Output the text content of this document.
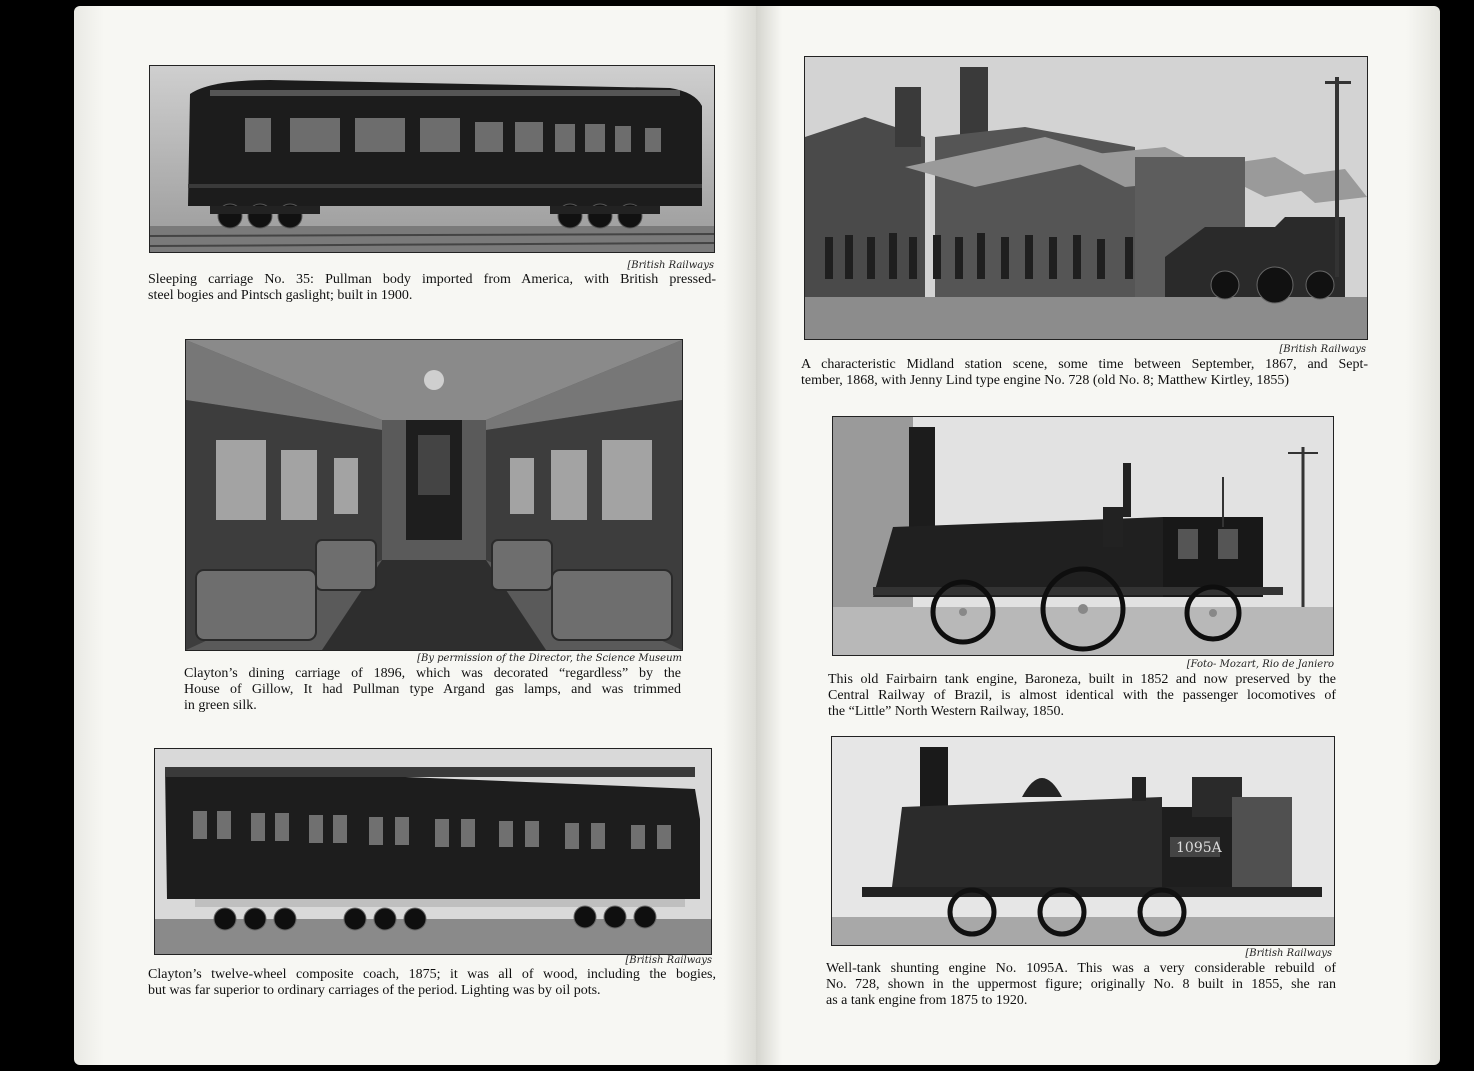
[British Railways

Sleeping carriage No. 35: Pullman body imported from America, with British pressed-
steel bogies and Pintsch gaslight; built in 1900.

[By permission of the Director, the Science Museum

Clayton’s dining carriage of 1896, which was decorated “regardless” by the
House of Gillow, It had Pullman type Argand gas lamps, and was trimmed
in green silk.

[British Railways

Clayton’s twelve-wheel composite coach, 1875; it was all of wood, including the bogies,
but was far superior to ordinary carriages of the period. Lighting was by oil pots.

[British Railways

A characteristic Midland station scene, some time between September, 1867, and Sept-
tember, 1868, with Jenny Lind type engine No. 728 (old No. 8; Matthew Kirtley, 1855)

[Foto- Mozart, Rio de Janiero

This old Fairbairn tank engine, Baroneza, built in 1852 and now preserved by the
Central Railway of Brazil, is almost identical with the passenger locomotives of
the “Little” North Western Railway, 1850.

1095A
[British Railways

Well-tank shunting engine No. 1095A. This was a very considerable rebuild of
No. 728, shown in the uppermost figure; originally No. 8 built in 1855, she ran
as a tank engine from 1875 to 1920.
